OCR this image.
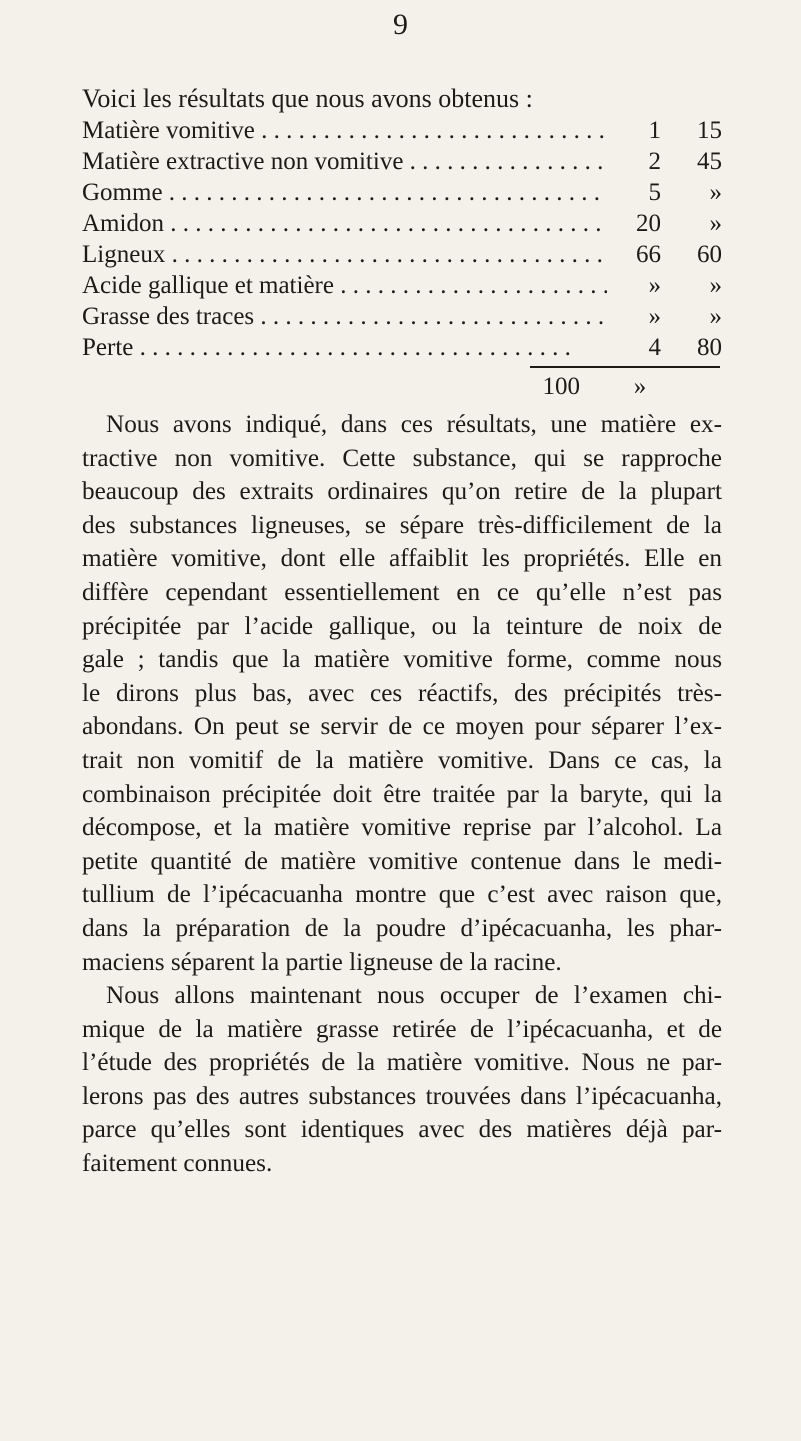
9
Voici les résultats que nous avons obtenus :
Matière vomitive . . .	1	15
Matière extractive non vomitive . . .	2	45
Gomme . . .	5	»
Amidon . . .	20	»
Ligneux . . .	66	60
Acide gallique et matière . . .	»	»
Grasse des traces . . .	»	»
Perte . . .	4	80
100	»
Nous avons indiqué, dans ces résultats, une matière ex-
tractive non vomitive. Cette substance, qui se rapproche
beaucoup des extraits ordinaires qu’on retire de la plupart
des substances ligneuses, se sépare très-difficilement de la
matière vomitive, dont elle affaiblit les propriétés. Elle en
diffère cependant essentiellement en ce qu’elle n’est pas
précipitée par l’acide gallique, ou la teinture de noix de
gale ; tandis que la matière vomitive forme, comme nous
le dirons plus bas, avec ces réactifs, des précipités très-
abondans. On peut se servir de ce moyen pour séparer l’ex-
trait non vomitif de la matière vomitive. Dans ce cas, la
combinaison précipitée doit être traitée par la baryte, qui la
décompose, et la matière vomitive reprise par l’alcohol. La
petite quantité de matière vomitive contenue dans le medi-
tullium de l’ipécacuanha montre que c’est avec raison que,
dans la préparation de la poudre d’ipécacuanha, les phar-
maciens séparent la partie ligneuse de la racine.
Nous allons maintenant nous occuper de l’examen chi-
mique de la matière grasse retirée de l’ipécacuanha, et de
l’étude des propriétés de la matière vomitive. Nous ne par-
lerons pas des autres substances trouvées dans l’ipécacuanha,
parce qu’elles sont identiques avec des matières déjà par-
faitement connues.
